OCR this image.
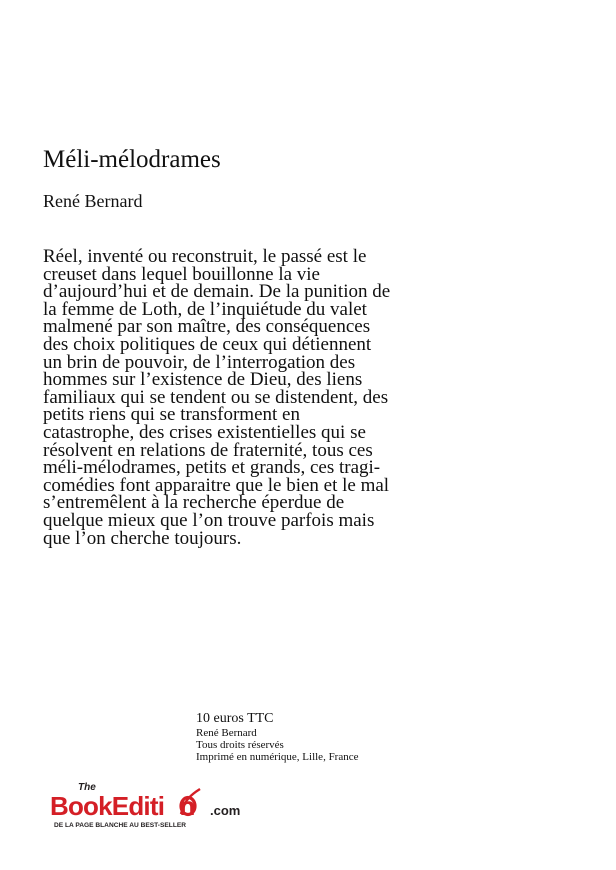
Méli-mélodrames
René Bernard
Réel, inventé ou reconstruit, le passé est le
creuset dans lequel bouillonne la vie
d’aujourd’hui et de demain. De la punition de
la femme de Loth, de l’inquiétude du valet
malmené par son maître, des conséquences
des choix politiques de ceux qui détiennent
un brin de pouvoir, de l’interrogation des
hommes sur l’existence de Dieu, des liens
familiaux qui se tendent ou se distendent, des
petits riens qui se transforment en
catastrophe, des crises existentielles qui se
résolvent en relations de fraternité, tous ces
méli-mélodrames, petits et grands, ces tragi-
comédies font apparaitre que le bien et le mal
s’entremêlent à la recherche éperdue de
quelque mieux que l’on trouve parfois mais
que l’on cherche toujours.
10 euros TTC
René Bernard
Tous droits réservés
Imprimé en numérique, Lille, France
The
BookEditi  n .com
DE LA PAGE BLANCHE AU BEST-SELLER
